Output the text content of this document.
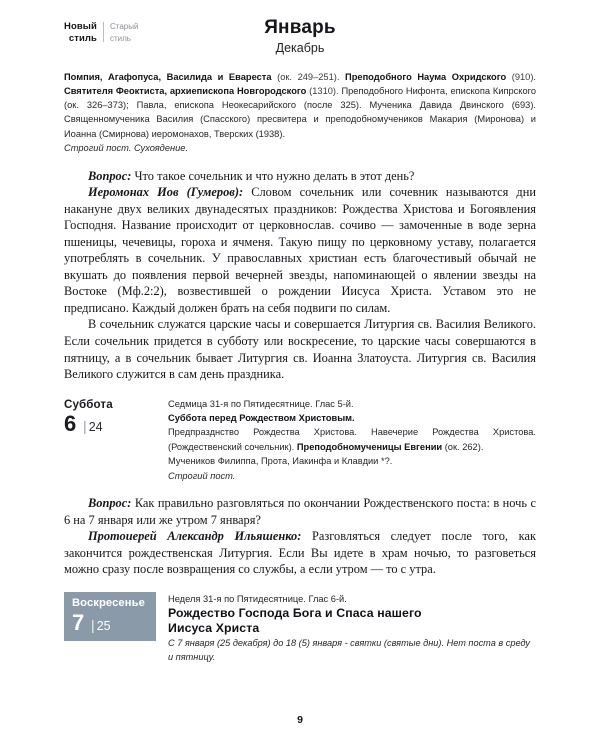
Новый
стиль
Старый
стиль
Январь
Декабрь
Помпия, Агафопуса, Василида и Евареста (ок. 249–251). Преподобного Наума Охридского (910). Святителя Феоктиста, архиепископа Новгородского (1310). Преподобного Нифонта, епископа Кипрского (ок. 326–373); Павла, епископа Неокесарийского (после 325). Мученика Давида Двинского (693). Священномученика Василия (Спасского) пресвитера и преподобномучеников Макария (Миронова) и Иоанна (Смирнова) иеромонахов, Тверских (1938).
Строгий пост. Сухоядение.

Вопрос: Что такое сочельник и что нужно делать в этот день?

Иеромонах Иов (Гумеров): Словом сочельник или сочевник называются дни накануне двух великих двунадесятых праздников: Рождества Христова и Богоявления Господня. Название происходит от церковнослав. сочиво — замоченные в воде зерна пшеницы, чечевицы, гороха и ячменя. Такую пищу по церковному уставу, полагается употреблять в сочельник. У православных христиан есть благочестивый обычай не вкушать до появления первой вечерней звезды, напоминающей о явлении звезды на Востоке (Мф.2:2), возвестившей о рождении Иисуса Христа. Уставом это не предписано. Каждый должен брать на себя подвиги по силам.

В сочельник служатся царские часы и совершается Литургия св. Василия Великого. Если сочельник придется в субботу или воскресение, то царские часы совершаются в пятницу, а в сочельник бывает Литургия св. Иоанна Златоуста. Литургия св. Василия Великого служится в сам день праздника.

Суббота
6 | 24
Седмица 31-я по Пятидесятнице. Глас 5-й.
Суббота перед Рождеством Христовым.
Предпразднство Рождества Христова. Навечерие Рождества Христова. (Рождественский сочельник). Преподобномученицы Евгении (ок. 262).
Мучеников Филиппа, Прота, Иакинфа и Клавдии *?.
Строгий пост.

Вопрос: Как правильно разговляться по окончании Рождественского поста: в ночь с 6 на 7 января или же утром 7 января?

Протоиерей Александр Ильяшенко: Разговляться следует после того, как закончится рождественская Литургия. Если Вы идете в храм ночью, то разговеться можно сразу после возвращения со службы, а если утром — то с утра.

Воскресенье
7 | 25
Неделя 31-я по Пятидесятнице. Глас 6-й.
Рождество Господа Бога и Спаса нашего
Иисуса Христа
С 7 января (25 декабря) до 18 (5) января - святки (святые дни). Нет поста в среду и пятницу.
9
